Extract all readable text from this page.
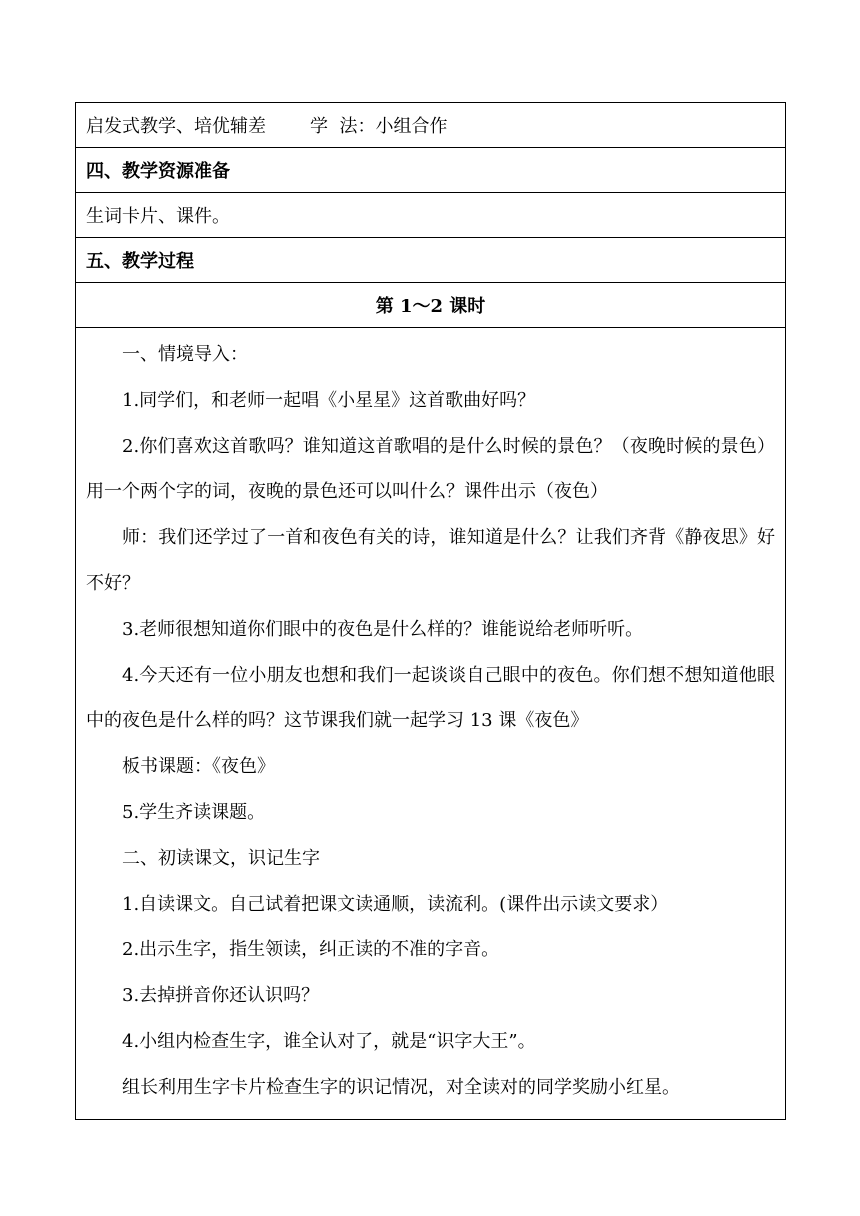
启发式教学、培优辅差 学  法：小组合作
四、教学资源准备
生词卡片、课件。
五、教学过程
第 1～2 课时

一、情境导入：

1.同学们，和老师一起唱《小星星》这首歌曲好吗？

2.你们喜欢这首歌吗？谁知道这首歌唱的是什么时候的景色？（夜晚时候的景色）用一个两个字的词，夜晚的景色还可以叫什么？课件出示（夜色）

师：我们还学过了一首和夜色有关的诗，谁知道是什么？让我们齐背《静夜思》好不好？

3.老师很想知道你们眼中的夜色是什么样的？谁能说给老师听听。

4.今天还有一位小朋友也想和我们一起谈谈自己眼中的夜色。你们想不想知道他眼中的夜色是什么样的吗？这节课我们就一起学习 13 课《夜色》

板书课题：《夜色》

5.学生齐读课题。

二、初读课文，识记生字

1.自读课文。自己试着把课文读通顺，读流利。(课件出示读文要求）

2.出示生字，指生领读，纠正读的不准的字音。

3.去掉拼音你还认识吗？

4.小组内检查生字，谁全认对了，就是“识字大王”。

组长利用生字卡片检查生字的识记情况，对全读对的同学奖励小红星。
